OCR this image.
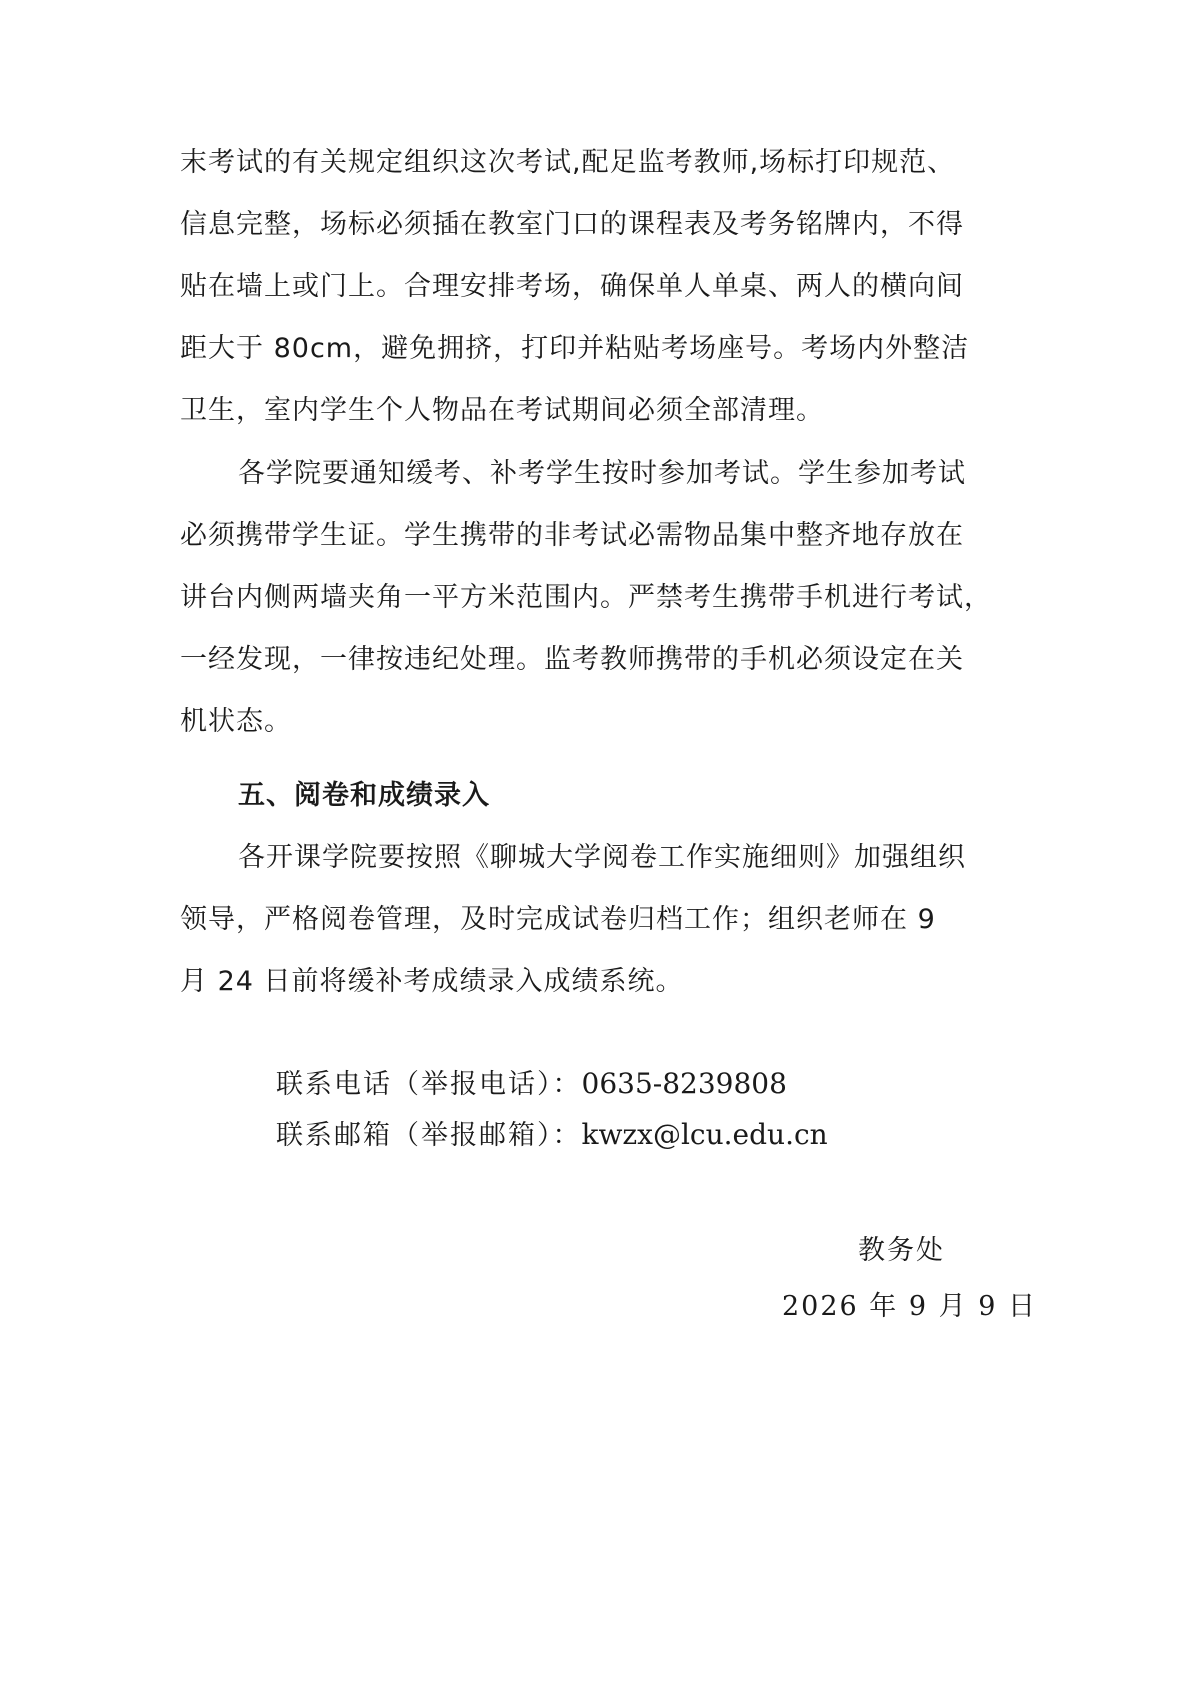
末考试的有关规定组织这次考试,配足监考教师,场标打印规范、
信息完整，场标必须插在教室门口的课程表及考务铭牌内，不得
贴在墙上或门上。合理安排考场，确保单人单桌、两人的横向间
距大于 80cm，避免拥挤，打印并粘贴考场座号。考场内外整洁
卫生，室内学生个人物品在考试期间必须全部清理。
各学院要通知缓考、补考学生按时参加考试。学生参加考试
必须携带学生证。学生携带的非考试必需物品集中整齐地存放在
讲台内侧两墙夹角一平方米范围内。严禁考生携带手机进行考试，
一经发现，一律按违纪处理。监考教师携带的手机必须设定在关
机状态。
五、阅卷和成绩录入
各开课学院要按照《聊城大学阅卷工作实施细则》加强组织
领导，严格阅卷管理，及时完成试卷归档工作；组织老师在 9
月 24 日前将缓补考成绩录入成绩系统。
联系电话（举报电话）：0635-8239808
联系邮箱（举报邮箱）：kwzx@lcu.edu.cn
教务处
2026 年 9 月 9 日
